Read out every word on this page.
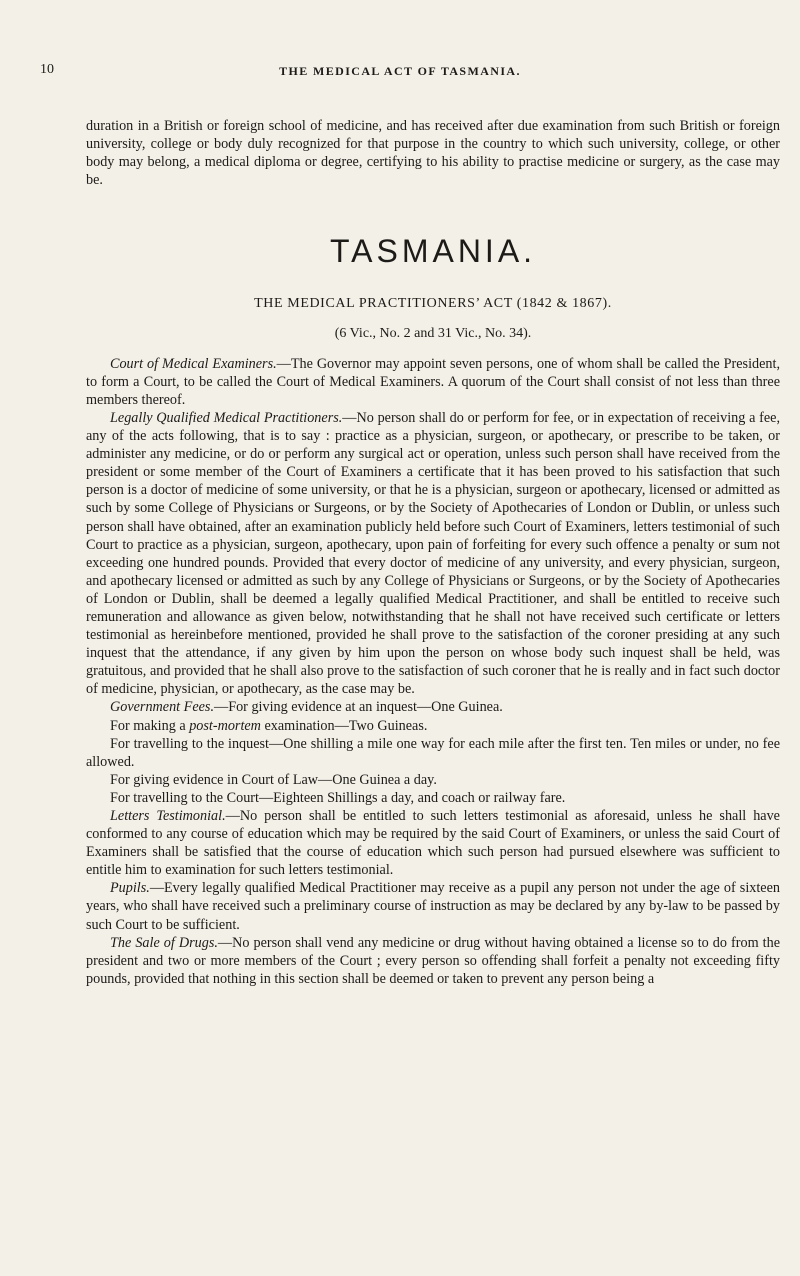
10	THE MEDICAL ACT OF TASMANIA.

duration in a British or foreign school of medicine, and has received after due examination from such British or foreign university, college or body duly recognized for that purpose in the country to which such university, college, or other body may belong, a medical diploma or degree, certifying to his ability to practise medicine or surgery, as the case may be.

TASMANIA.
THE MEDICAL PRACTITIONERS’ ACT (1842 & 1867).
(6 Vic., No. 2 and 31 Vic., No. 34).

Court of Medical Examiners.—The Governor may appoint seven persons, one of whom shall be called the President, to form a Court, to be called the Court of Medical Examiners. A quorum of the Court shall consist of not less than three members thereof.

Legally Qualified Medical Practitioners.—No person shall do or perform for fee, or in expectation of receiving a fee, any of the acts following, that is to say : practice as a physician, surgeon, or apothecary, or prescribe to be taken, or administer any medicine, or do or perform any surgical act or operation, unless such person shall have received from the president or some member of the Court of Examiners a certificate that it has been proved to his satisfaction that such person is a doctor of medicine of some university, or that he is a physician, surgeon or apothecary, licensed or admitted as such by some College of Physicians or Surgeons, or by the Society of Apothecaries of London or Dublin, or unless such person shall have obtained, after an examination publicly held before such Court of Examiners, letters testimonial of such Court to practice as a physician, surgeon, apothecary, upon pain of forfeiting for every such offence a penalty or sum not exceeding one hundred pounds. Provided that every doctor of medicine of any university, and every physician, surgeon, and apothecary licensed or admitted as such by any College of Physicians or Surgeons, or by the Society of Apothecaries of London or Dublin, shall be deemed a legally qualified Medical Practitioner, and shall be entitled to receive such remuneration and allowance as given below, notwithstanding that he shall not have received such certificate or letters testimonial as hereinbefore mentioned, provided he shall prove to the satisfaction of the coroner presiding at any such inquest that the attendance, if any given by him upon the person on whose body such inquest shall be held, was gratuitous, and provided that he shall also prove to the satisfaction of such coroner that he is really and in fact such doctor of medicine, physician, or apothecary, as the case may be.

Government Fees.—For giving evidence at an inquest—One Guinea.

For making a post-mortem examination—Two Guineas.

For travelling to the inquest—One shilling a mile one way for each mile after the first ten. Ten miles or under, no fee allowed.

For giving evidence in Court of Law—One Guinea a day.

For travelling to the Court—Eighteen Shillings a day, and coach or railway fare.

Letters Testimonial.—No person shall be entitled to such letters testimonial as aforesaid, unless he shall have conformed to any course of education which may be required by the said Court of Examiners, or unless the said Court of Examiners shall be satisfied that the course of education which such person had pursued elsewhere was sufficient to entitle him to examination for such letters testimonial.

Pupils.—Every legally qualified Medical Practitioner may receive as a pupil any person not under the age of sixteen years, who shall have received such a preliminary course of instruction as may be declared by any by-law to be passed by such Court to be sufficient.

The Sale of Drugs.—No person shall vend any medicine or drug without having obtained a license so to do from the president and two or more members of the Court ; every person so offending shall forfeit a penalty not exceeding fifty pounds, provided that nothing in this section shall be deemed or taken to prevent any person being a
